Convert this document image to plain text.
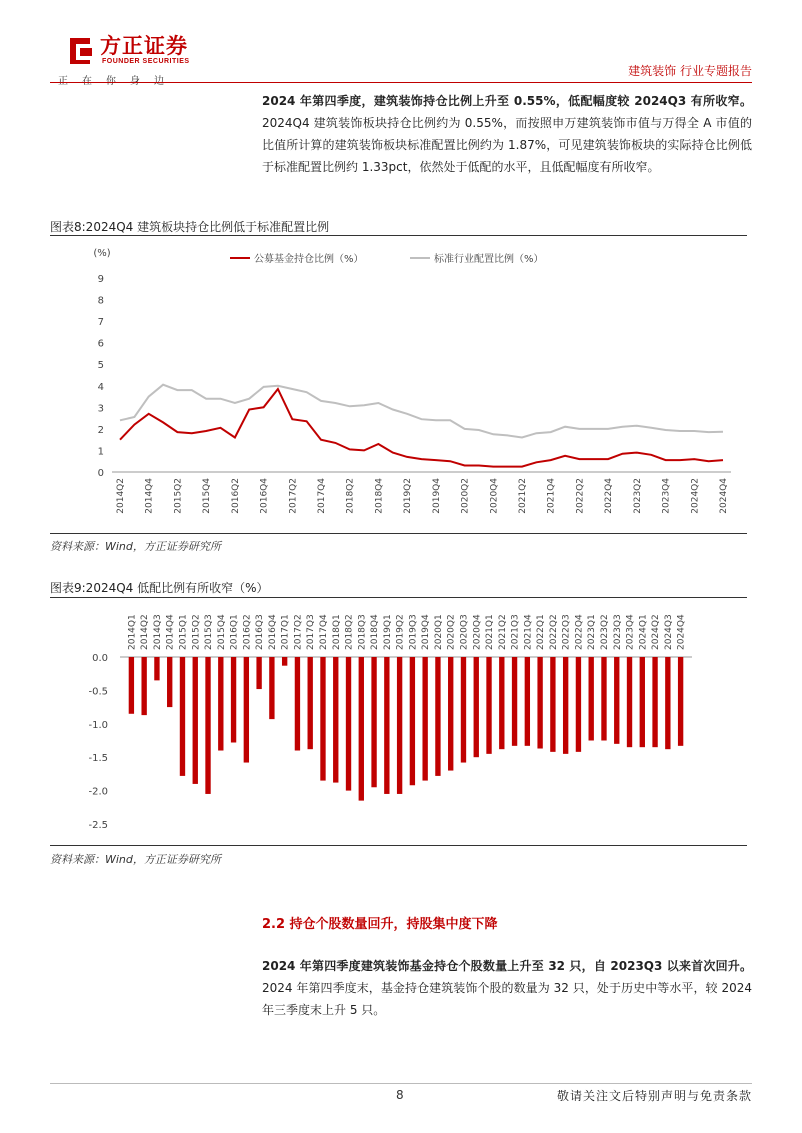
方正证券
FOUNDER SECURITIES
建筑装饰 行业专题报告
2024 年第四季度，建筑装饰持仓比例上升至 0.55%，低配幅度较 2024Q3 有所收窄。2024Q4 建筑装饰板块持仓比例约为 0.55%，而按照申万建筑装饰市值与万得全 A 市值的比值所计算的建筑装饰板块标准配置比例约为 1.87%，可见建筑装饰板块的实际持仓比例低于标准配置比例约 1.33pct，依然处于低配的水平，且低配幅度有所收窄。
图表8:2024Q4 建筑板块持仓比例低于标准配置比例
(%)
0
1
2
3
4
5
6
7
8
9
公募基金持仓比例（%）	标准行业配置比例（%）
2014Q2 2014Q4 2015Q2 2015Q4 2016Q2 2016Q4 2017Q2 2017Q4 2018Q2 2018Q4 2019Q2 2019Q4 2020Q2 2020Q4 2021Q2 2021Q4 2022Q2 2022Q4 2023Q2 2023Q4 2024Q2 2024Q4
资料来源：Wind，方正证券研究所
图表9:2024Q4 低配比例有所收窄（%）
0.0
-0.5
-1.0
-1.5
-2.0
-2.5
2014Q1 2014Q2 2014Q3 2014Q4 2015Q1 2015Q2 2015Q3 2015Q4 2016Q1 2016Q2 2016Q3 2016Q4 2017Q1 2017Q2 2017Q3 2017Q4 2018Q1 2018Q2 2018Q3 2018Q4 2019Q1 2019Q2 2019Q3 2019Q4 2020Q1 2020Q2 2020Q3 2020Q4 2021Q1 2021Q2 2021Q3 2021Q4 2022Q1 2022Q2 2022Q3 2022Q4 2023Q1 2023Q2 2023Q3 2023Q4 2024Q1 2024Q2 2024Q3 2024Q4
资料来源：Wind，方正证券研究所
2.2 持仓个股数量回升，持股集中度下降
2024 年第四季度建筑装饰基金持仓个股数量上升至 32 只，自 2023Q3 以来首次回升。2024 年第四季度末，基金持仓建筑装饰个股的数量为 32 只，处于历史中等水平，较 2024 年三季度末上升 5 只。
8	敬请关注文后特别声明与免责条款
